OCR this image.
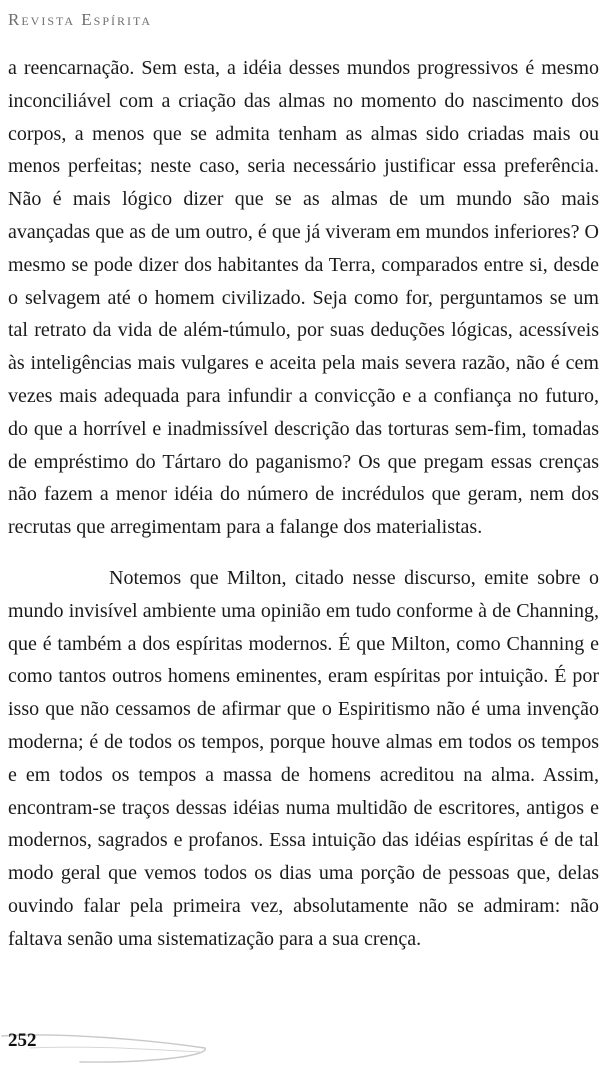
Revista Espírita

a reencarnação. Sem esta, a idéia desses mundos progressivos é mesmo inconciliável com a criação das almas no momento do nascimento dos corpos, a menos que se admita tenham as almas sido criadas mais ou menos perfeitas; neste caso, seria necessário justificar essa preferência. Não é mais lógico dizer que se as almas de um mundo são mais avançadas que as de um outro, é que já viveram em mundos inferiores? O mesmo se pode dizer dos habitantes da Terra, comparados entre si, desde o selvagem até o homem civilizado. Seja como for, perguntamos se um tal retrato da vida de além-túmulo, por suas deduções lógicas, acessíveis às inteligências mais vulgares e aceita pela mais severa razão, não é cem vezes mais adequada para infundir a convicção e a confiança no futuro, do que a horrível e inadmissível descrição das torturas sem-fim, tomadas de empréstimo do Tártaro do paganismo? Os que pregam essas crenças não fazem a menor idéia do número de incrédulos que geram, nem dos recrutas que arregimentam para a falange dos materialistas.

Notemos que Milton, citado nesse discurso, emite sobre o mundo invisível ambiente uma opinião em tudo conforme à de Channing, que é também a dos espíritas modernos. É que Milton, como Channing e como tantos outros homens eminentes, eram espíritas por intuição. É por isso que não cessamos de afirmar que o Espiritismo não é uma invenção moderna; é de todos os tempos, porque houve almas em todos os tempos e em todos os tempos a massa de homens acreditou na alma. Assim, encontram-se traços dessas idéias numa multidão de escritores, antigos e modernos, sagrados e profanos. Essa intuição das idéias espíritas é de tal modo geral que vemos todos os dias uma porção de pessoas que, delas ouvindo falar pela primeira vez, absolutamente não se admiram: não faltava senão uma sistematização para a sua crença.

252
